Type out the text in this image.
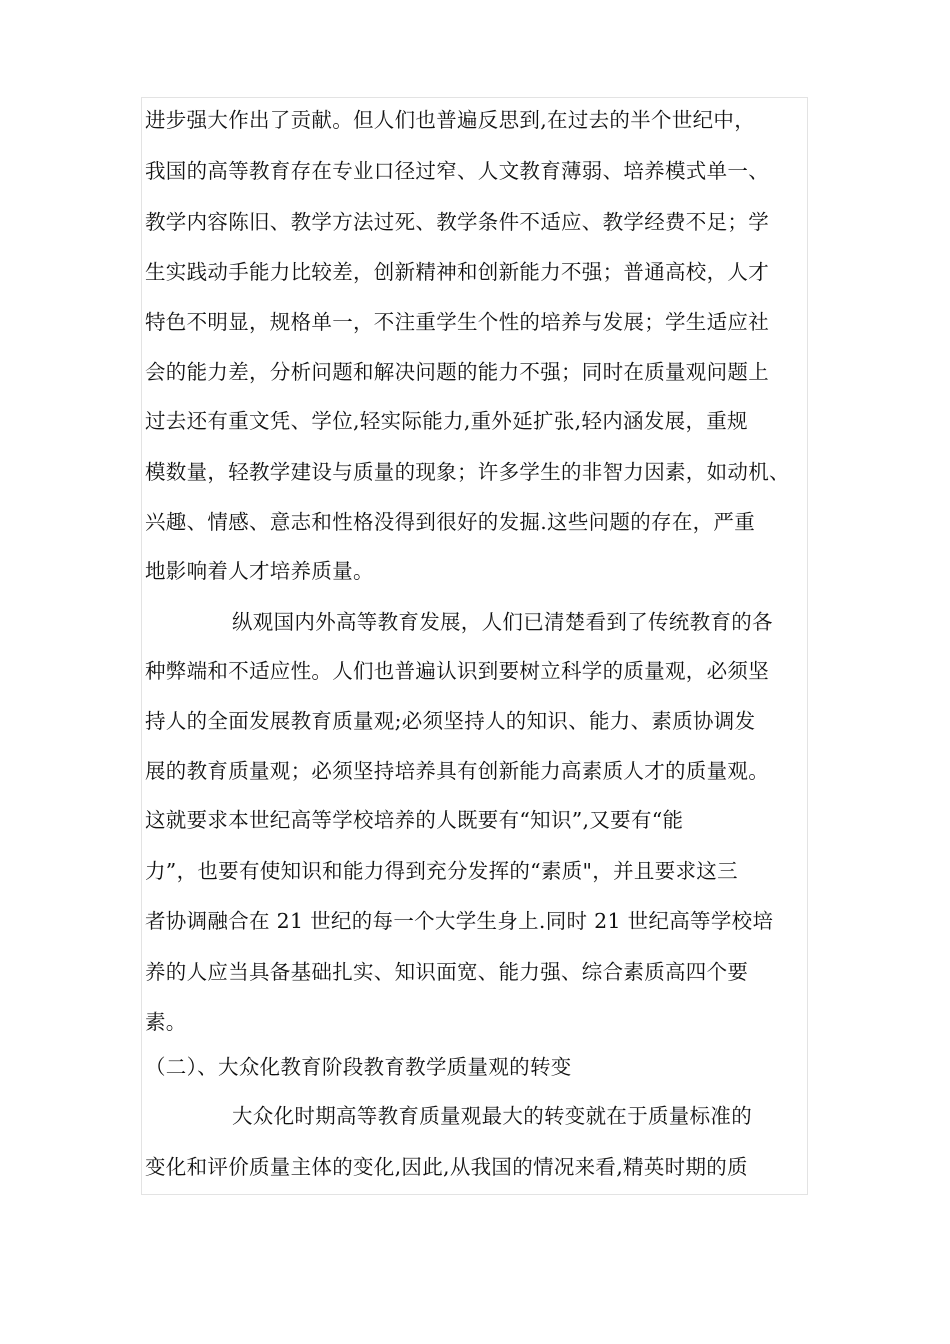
进步强大作出了贡献。但人们也普遍反思到,在过去的半个世纪中，
我国的高等教育存在专业口径过窄、人文教育薄弱、培养模式单一、
教学内容陈旧、教学方法过死、教学条件不适应、教学经费不足；学
生实践动手能力比较差，创新精神和创新能力不强；普通高校，人才
特色不明显，规格单一，不注重学生个性的培养与发展；学生适应社
会的能力差，分析问题和解决问题的能力不强；同时在质量观问题上
过去还有重文凭、学位,轻实际能力,重外延扩张,轻内涵发展，重规
模数量，轻教学建设与质量的现象；许多学生的非智力因素，如动机、
兴趣、情感、意志和性格没得到很好的发掘.这些问题的存在，严重
地影响着人才培养质量。
纵观国内外高等教育发展，人们已清楚看到了传统教育的各
种弊端和不适应性。人们也普遍认识到要树立科学的质量观，必须坚
持人的全面发展教育质量观;必须坚持人的知识、能力、素质协调发
展的教育质量观；必须坚持培养具有创新能力高素质人才的质量观。
这就要求本世纪高等学校培养的人既要有“知识”,又要有“能
力”，也要有使知识和能力得到充分发挥的“素质"，并且要求这三
者协调融合在 21 世纪的每一个大学生身上.同时 21 世纪高等学校培
养的人应当具备基础扎实、知识面宽、能力强、综合素质高四个要
素。
（二）、大众化教育阶段教育教学质量观的转变
大众化时期高等教育质量观最大的转变就在于质量标准的
变化和评价质量主体的变化,因此,从我国的情况来看,精英时期的质
